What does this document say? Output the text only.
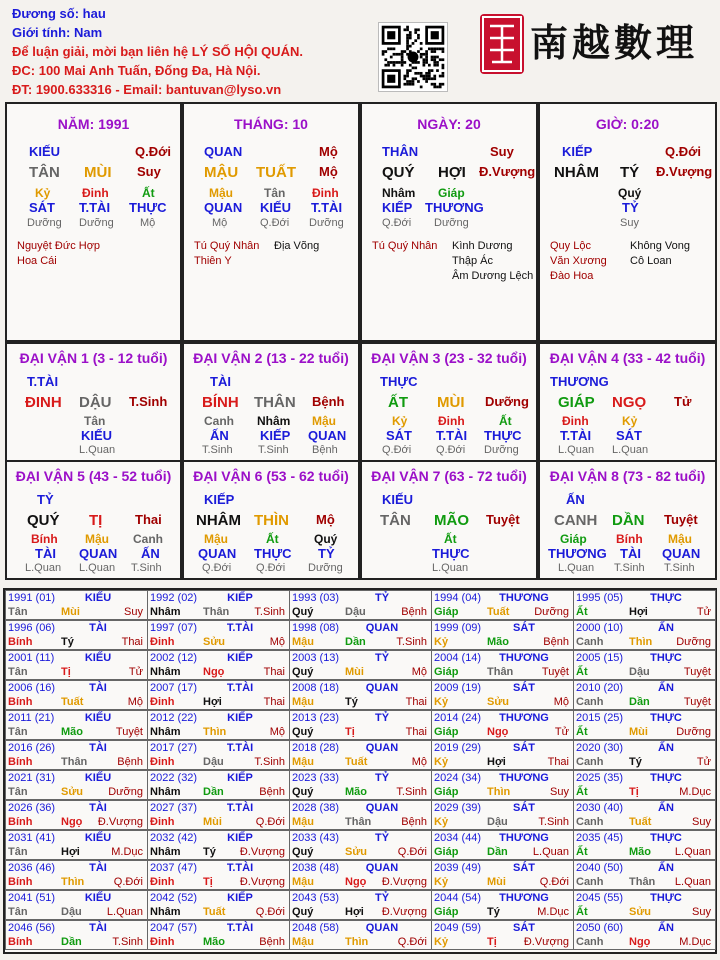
Đương số: hau
Giới tính: Nam
Để luận giải, mời bạn liên hệ LÝ SỐ HỘI QUÁN.
ĐC: 100 Mai Anh Tuấn, Đống Đa, Hà Nội.
ĐT: 1900.633316 - Email: bantuvan@lyso.vn
南越數理
NĂM: 1991
KIẾU	Q.Đới
TÂN MÙI Suy
Kỷ	Đinh	Ất
SÁT T.TÀI THỰC
Dưỡng Dưỡng Mộ
Nguyệt Đức Hợp
Hoa Cái
THÁNG: 10
QUAN	Mộ
MẬU TUẤT Mộ
Mậu	Tân Đinh
QUAN KIẾU T.TÀI
Mộ	Q.Đới Dưỡng
Tú Quý Nhân Địa Võng
Thiên Y
NGÀY: 20
THÂN	Suy
QUÝ HỢI Đ.Vượng
Nhâm Giáp
KIẾP THƯƠNG
Q.Đới Dưỡng
Tú Quý Nhân Kình Dương
Thập Ác
Âm Dương Lệch
GIỜ: 0:20
KIẾP	Q.Đới
NHÂM TÝ Đ.Vượng
Quý
TỶ
Suy
Quy Lộc	Không Vong
Văn Xương Cô Loan
Đào Hoa
ĐẠI VẬN 1 (3 - 12 tuổi)
T.TÀI
ĐINH DẬU T.Sinh
Tân
KIẾU
L.Quan
ĐẠI VẬN 2 (13 - 22 tuổi)
TÀI
BÍNH THÂN Bệnh
Canh Nhâm Mậu
ẤN KIẾP QUAN
T.Sinh T.Sinh Bệnh
ĐẠI VẬN 3 (23 - 32 tuổi)
THỰC
ẤT MÙI Dưỡng
Kỷ	Đinh	Ất
SÁT T.TÀI THỰC
Q.Đới Q.Đới Dưỡng
ĐẠI VẬN 4 (33 - 42 tuổi)
THƯƠNG
GIÁP NGỌ Tử
Đinh	Kỷ
T.TÀI SÁT
L.Quan L.Quan
ĐẠI VẬN 5 (43 - 52 tuổi)
TỶ
QUÝ TỊ	Thai
Bính Mậu Canh
TÀI QUAN ẤN
L.Quan L.Quan T.Sinh
ĐẠI VẬN 6 (53 - 62 tuổi)
KIẾP
NHÂM THÌN Mộ
Mậu	Ất	Quý
QUAN THỰC TỶ
Q.Đới Q.Đới Dưỡng
ĐẠI VẬN 7 (63 - 72 tuổi)
KIẾU
TÂN MÃO Tuyệt
Ất
THỰC
L.Quan
ĐẠI VẬN 8 (73 - 82 tuổi)
ẤN
CANH DẦN Tuyệt
Giáp Bính Mậu
THƯƠNG TÀI QUAN
L.Quan T.Sinh T.Sinh
1991 (01)	KIẾU
Tân	Mùi	Suy
1992 (02)	KIẾP
Nhâm Thân T.Sinh
1993 (03)	TỶ
Quý	Dậu	Bệnh
1994 (04)	THƯƠNG
Giáp	Tuất Dưỡng
1995 (05)	THỰC
Ất	Hợi	Tử
1996 (06)	TÀI
Bính	Tý	Thai
1997 (07)	T.TÀI
Đinh	Sửu	Mộ
1998 (08)	QUAN
Mậu	Dần	T.Sinh
1999 (09)	SÁT
Kỷ	Mão	Bệnh
2000 (10)	ẤN
Canh Thìn Dưỡng
2001 (11)	KIẾU
Tân	Tị	Tử
2002 (12)	KIẾP
Nhâm Ngọ	Thai
2003 (13)	TỶ
Quý	Mùi	Mộ
2004 (14)	THƯƠNG
Giáp	Thân	Tuyệt
2005 (15)	THỰC
Ất	Dậu	Tuyệt
2006 (16)	TÀI
Bính	Tuất	Mộ
2007 (17)	T.TÀI
Đinh	Hợi	Thai
2008 (18)	QUAN
Mậu	Tý	Thai
2009 (19)	SÁT
Kỷ	Sửu	Mộ
2010 (20)	ẤN
Canh Dần	Tuyệt
2011 (21)	KIẾU
Tân	Mão	Tuyệt
2012 (22)	KIẾP
Nhâm Thìn	Mộ
2013 (23)	TỶ
Quý	Tị	Thai
2014 (24)	THƯƠNG
Giáp	Ngọ	Tử
2015 (25)	THỰC
Ất	Mùi	Dưỡng
2016 (26)	TÀI
Bính	Thân	Bệnh
2017 (27)	T.TÀI
Đinh	Dậu	T.Sinh
2018 (28)	QUAN
Mậu	Tuất	Mộ
2019 (29)	SÁT
Kỷ	Hợi	Thai
2020 (30)	ẤN
Canh Tý	Tử
2021 (31)	KIẾU
Tân	Sửu Dưỡng
2022 (32)	KIẾP
Nhâm Dần	Bệnh
2023 (33)	TỶ
Quý	Mão	T.Sinh
2024 (34)	THƯƠNG
Giáp	Thìn	Suy
2025 (35)	THỰC
Ất	Tị	M.Dục
2026 (36)	TÀI
Bính	Ngọ Đ.Vượng
2027 (37)	T.TÀI
Đinh	Mùi	Q.Đới
2028 (38)	QUAN
Mậu	Thân	Bệnh
2029 (39)	SÁT
Kỷ	Dậu	T.Sinh
2030 (40)	ẤN
Canh Tuất	Suy
2031 (41)	KIẾU
Tân	Hợi	M.Dục
2032 (42)	KIẾP
Nhâm Tý Đ.Vượng
2033 (43)	TỶ
Quý	Sửu	Q.Đới
2034 (44)	THƯƠNG
Giáp	Dần L.Quan
2035 (45)	THỰC
Ất	Mão L.Quan
2036 (46)	TÀI
Bính	Thìn	Q.Đới
2037 (47)	T.TÀI
Đinh	Tị Đ.Vượng
2038 (48)	QUAN
Mậu	Ngọ Đ.Vượng
2039 (49)	SÁT
Kỷ	Mùi	Q.Đới
2040 (50)	ẤN
Canh Thân L.Quan
2041 (51)	KIẾU
Tân	Dậu L.Quan
2042 (52)	KIẾP
Nhâm Tuất	Q.Đới
2043 (53)	TỶ
Quý	Hợi Đ.Vượng
2044 (54)	THƯƠNG
Giáp	Tý	M.Dục
2045 (55)	THỰC
Ất	Sửu	Suy
2046 (56)	TÀI
Bính	Dần	T.Sinh
2047 (57)	T.TÀI
Đinh	Mão	Bệnh
2048 (58)	QUAN
Mậu	Thìn	Q.Đới
2049 (59)	SÁT
Kỷ	Tị Đ.Vượng
2050 (60)	ẤN
Canh Ngọ	M.Dục
